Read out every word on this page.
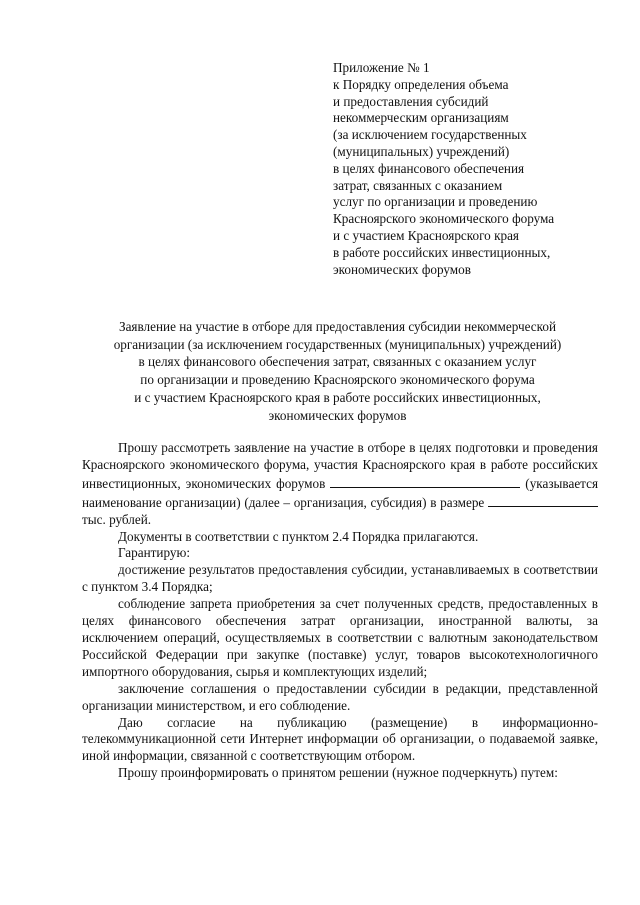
Приложение № 1
к Порядку определения объема
и предоставления субсидий
некоммерческим организациям
(за исключением государственных
(муниципальных) учреждений)
в целях финансового обеспечения
затрат, связанных с оказанием
услуг по организации и проведению
Красноярского экономического форума
и с участием Красноярского края
в работе российских инвестиционных,
экономических форумов
Заявление на участие в отборе для предоставления субсидии некоммерческой
организации (за исключением государственных (муниципальных) учреждений)
в целях финансового обеспечения затрат, связанных с оказанием услуг
по организации и проведению Красноярского экономического форума
и с участием Красноярского края в работе российских инвестиционных,
экономических форумов

Прошу рассмотреть заявление на участие в отборе в целях подготовки и проведения Красноярского экономического форума, участия Красноярского края в работе российских инвестиционных, экономических форумов	(указывается наименование организации) (далее – организация, субсидия) в размере  тыс. рублей.

Документы в соответствии с пунктом 2.4 Порядка прилагаются.

Гарантирую:

достижение результатов предоставления субсидии, устанавливаемых в соответствии с пунктом 3.4 Порядка;

соблюдение запрета приобретения за счет полученных средств, предоставленных в целях финансового обеспечения затрат организации, иностранной валюты, за исключением операций, осуществляемых в соответствии с валютным законодательством Российской Федерации при закупке (поставке) услуг, товаров высокотехнологичного импортного оборудования, сырья и комплектующих изделий;

заключение соглашения о предоставлении субсидии в редакции, представленной организации министерством, и его соблюдение.

Даю согласие на публикацию (размещение) в информационно-телекоммуникационной сети Интернет информации об организации, о подаваемой заявке, иной информации, связанной с соответствующим отбором.

Прошу проинформировать о принятом решении (нужное подчеркнуть) путем:
